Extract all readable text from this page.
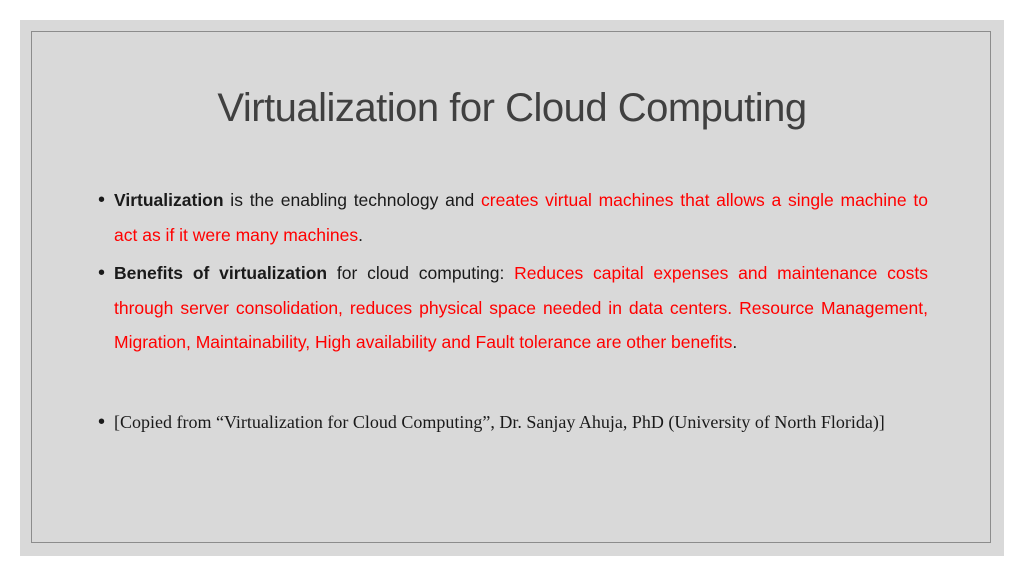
Virtualization for Cloud Computing
• Virtualization is the enabling technology and creates virtual machines that allows a single machine to act as if it were many machines.
• Benefits of virtualization for cloud computing: Reduces capital expenses and maintenance costs through server consolidation, reduces physical space needed in data centers. Resource Management, Migration, Maintainability, High availability and Fault tolerance are other benefits.
• [Copied from “Virtualization for Cloud Computing”, Dr. Sanjay Ahuja, PhD (University of North Florida)]
